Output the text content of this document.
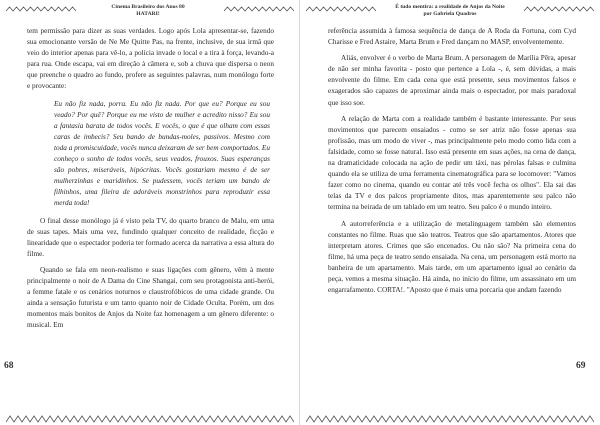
Cinema Brasileiro dos Anos 80
HATARI!

tem permissão para dizer as suas verdades. Logo após Lola apresentar-se, fazendo sua emocionante versão de Ne Me Quitte Pas, na frente, inclusive, de sua irmã que veio do interior apenas para vê-lo, a polícia invade o local e a tira à força, levando-a para rua. Onde escapa, vai em direção à câmera e, sob a chuva que dispersa o neon que preenche o quadro ao fundo, profere as seguintes palavras, num monólogo forte e provocante:

Eu não fiz nada, porra. Eu não fiz nada. Por que eu? Porque eu sou veado? Por quê? Porque eu me visto de mulher e acredito nisso? Eu sou a fantasia barata de todos vocês. E vocês, o que é que olham com essas caras de imbecis? Seu bando de bundas-moles, passivos. Mesmo com toda a promiscuidade, vocês nunca deixaram de ser bem comportados. Eu conheço o sonho de todos vocês, seus veados, frouxos. Suas esperanças são pobres, miseráveis, hipócritas. Vocês gostariam mesmo é de ser mulherzinhas e maridinhos. Se pudessem, vocês teriam um bando de filhinhos, uma fileira de adoráveis monstrinhos para reproduzir essa merda toda!

O final desse monólogo já é visto pela TV, do quarto branco de Malu, em uma de suas tapes. Mais uma vez, fundindo qualquer conceito de realidade, ficção e linearidade que o espectador poderia ter formado acerca da narrativa a essa altura do filme.

Quando se fala em neon-realismo e suas ligações com gênero, vêm à mente principalmente o noir de A Dama do Cine Shangai, com seu protagonista anti-herói, a femme fatale e os cenários noturnos e claustrofóbicos de uma cidade grande. Ou ainda a sensação futurista e um tanto quanto noir de Cidade Oculta. Porém, um dos momentos mais bonitos de Anjos da Noite faz homenagem a um gênero diferente: o musical. Em

68
É tudo mentira: a realidade de Anjos da Noite
por Gabriela Quadros

referência assumida à famosa sequência de dança de A Roda da Fortuna, com Cyd Charisse e Fred Astaire, Marta Brum e Fred dançam no MASP, envolventemente.

Aliás, envolver é o verbo de Marta Brum. A personagem de Marília Pêra, apesar de não ser minha favorita - posto que pertence a Lola -, é, sem dúvidas, a mais envolvente do filme. Em cada cena que está presente, seus movimentos falsos e exagerados são capazes de aproximar ainda mais o espectador, por mais paradoxal que isso soe.

A relação de Marta com a realidade também é bastante interessante. Por seus movimentos que parecem ensaiados - como se ser atriz não fosse apenas sua profissão, mas um modo de viver -, mas principalmente pelo modo como lida com a falsidade, como se fosse natural. Isso está presente em suas ações, na cena de dança, na dramaticidade colocada na ação de pedir um táxi, nas pérolas falsas e culmina quando ela se utiliza de uma ferramenta cinematográfica para se locomover: "Vamos fazer como no cinema, quando eu contar até três você fecha os olhos". Ela sai das telas da TV e dos palcos propriamente ditos, mas aparentemente seu palco não termina na beirada de um tablado em um teatro. Seu palco é o mundo inteiro.

A autorreferência e a utilização de metalinguagem também são elementos constantes no filme. Ruas que são teatros. Teatros que são apartamentos. Atores que interpretam atores. Crimes que são encenados. Ou não são? Na primeira cena do filme, há uma peça de teatro sendo ensaiada. Na cena, um personagem está morto na banheira de um apartamento. Mais tarde, em um apartamento igual ao cenário da peça, vemos a mesma situação. Há ainda, no início do filme, um assassinato em um engarrafamento. CORTA!. "Aposto que é mais uma porcaria que andam fazendo

69
